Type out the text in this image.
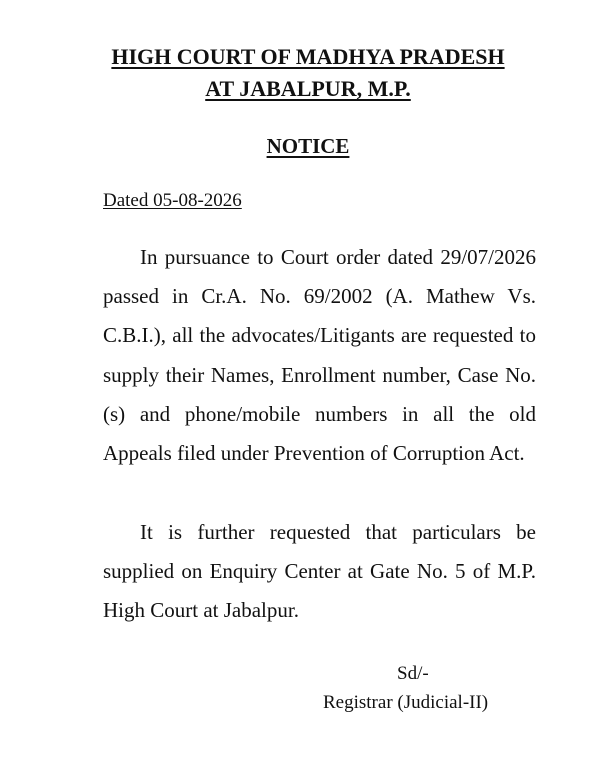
HIGH COURT OF MADHYA PRADESH
AT JABALPUR, M.P.
NOTICE
Dated 05-08-2026

In pursuance to Court order dated 29/07/2026 passed in Cr.A. No. 69/2002 (A. Mathew Vs. C.B.I.), all the advocates/Litigants are requested to supply their Names, Enrollment number, Case No.(s) and phone/mobile numbers in all the old Appeals filed under Prevention of Corruption Act.

It is further requested that particulars be supplied on Enquiry Center at Gate No. 5 of M.P. High Court at Jabalpur.

Sd/-
Registrar (Judicial-II)
